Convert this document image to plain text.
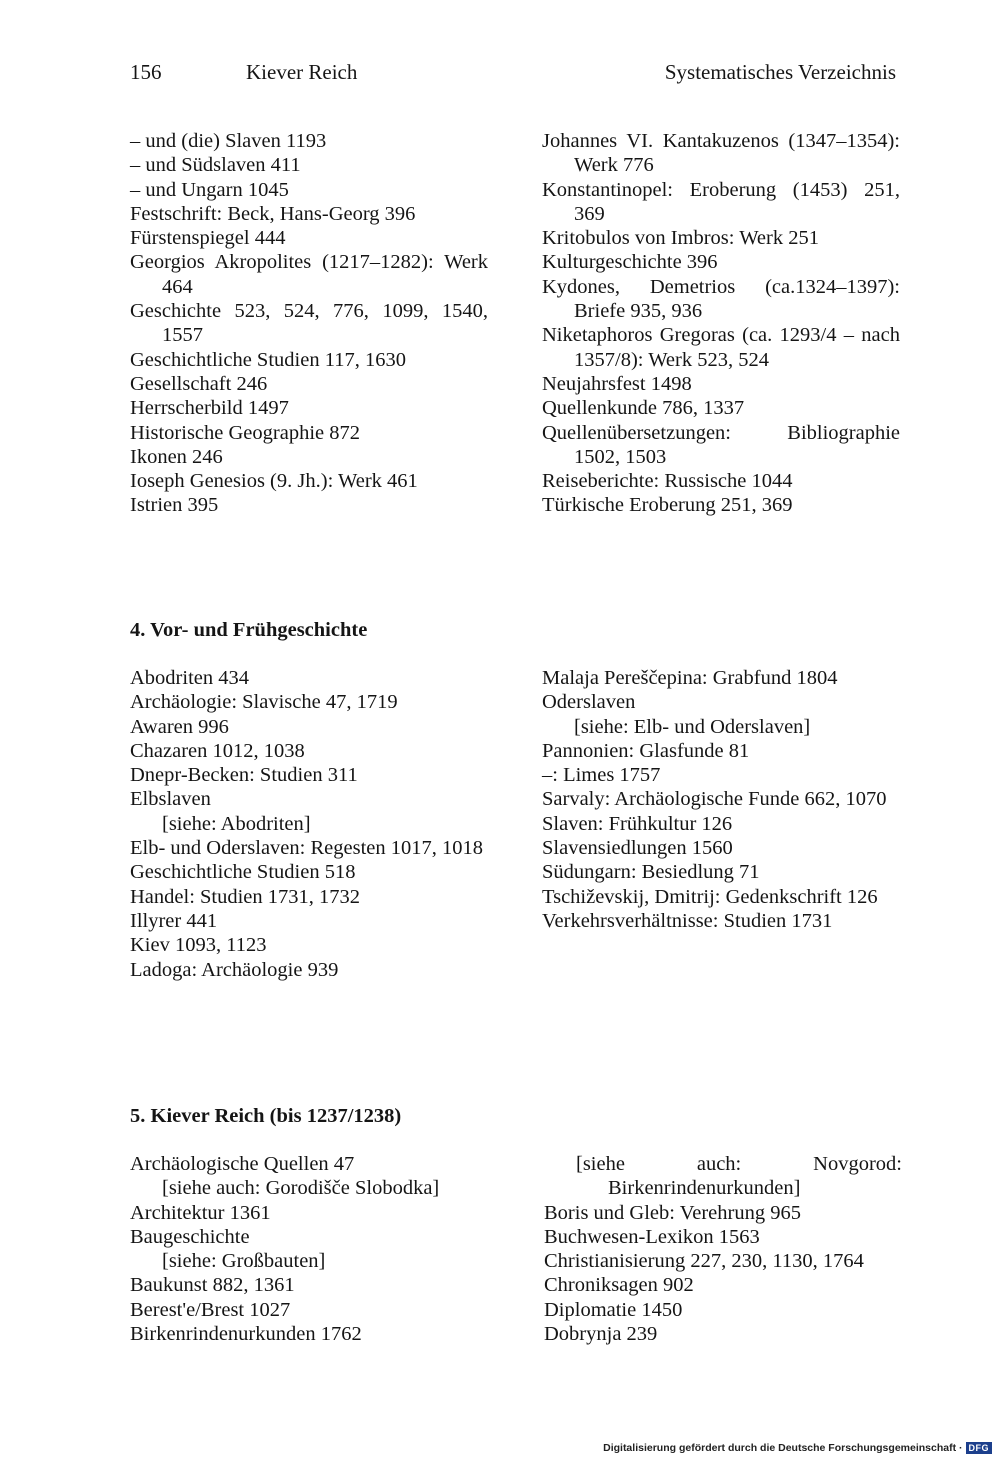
156	Kiever Reich	Systematisches Verzeichnis
– und (die) Slaven 1193
– und Südslaven 411
– und Ungarn 1045
Festschrift: Beck, Hans-Georg 396
Fürstenspiegel 444
Georgios Akropolites (1217–1282): Werk 464
Geschichte 523, 524, 776, 1099, 1540, 1557
Geschichtliche Studien 117, 1630
Gesellschaft 246
Herrscherbild 1497
Historische Geographie 872
Ikonen 246
Ioseph Genesios (9. Jh.): Werk 461
Istrien 395
Johannes VI. Kantakuzenos (1347–1354): Werk 776
Konstantinopel: Eroberung (1453) 251, 369
Kritobulos von Imbros: Werk 251
Kulturgeschichte 396
Kydones, Demetrios (ca.1324–1397): Briefe 935, 936
Niketaphoros Gregoras (ca. 1293/4 – nach 1357/8): Werk 523, 524
Neujahrsfest 1498
Quellenkunde 786, 1337
Quellenübersetzungen: Bibliographie 1502, 1503
Reiseberichte: Russische 1044
Türkische Eroberung 251, 369
4. Vor- und Frühgeschichte
Abodriten 434
Archäologie: Slavische 47, 1719
Awaren 996
Chazaren 1012, 1038
Dnepr-Becken: Studien 311
Elbslaven
[siehe: Abodriten]
Elb- und Oderslaven: Regesten 1017, 1018
Geschichtliche Studien 518
Handel: Studien 1731, 1732
Illyrer 441
Kiev 1093, 1123
Ladoga: Archäologie 939
Malaja Pereščepina: Grabfund 1804
Oderslaven
[siehe: Elb- und Oderslaven]
Pannonien: Glasfunde 81
–: Limes 1757
Sarvaly: Archäologische Funde 662, 1070
Slaven: Frühkultur 126
Slavensiedlungen 1560
Südungarn: Besiedlung 71
Tschiževskij, Dmitrij: Gedenkschrift 126
Verkehrsverhältnisse: Studien 1731
5. Kiever Reich (bis 1237/1238)
Archäologische Quellen 47
[siehe auch: Gorodišče Slobodka]
Architektur 1361
Baugeschichte
[siehe: Großbauten]
Baukunst 882, 1361
Berest'e/Brest 1027
Birkenrindenurkunden 1762
[siehe auch: Novgorod: Birkenrindenurkunden]
Boris und Gleb: Verehrung 965
Buchwesen-Lexikon 1563
Christianisierung 227, 230, 1130, 1764
Chroniksagen 902
Diplomatie 1450
Dobrynja 239
Digitalisierung gefördert durch die Deutsche Forschungsgemeinschaft · DFG
